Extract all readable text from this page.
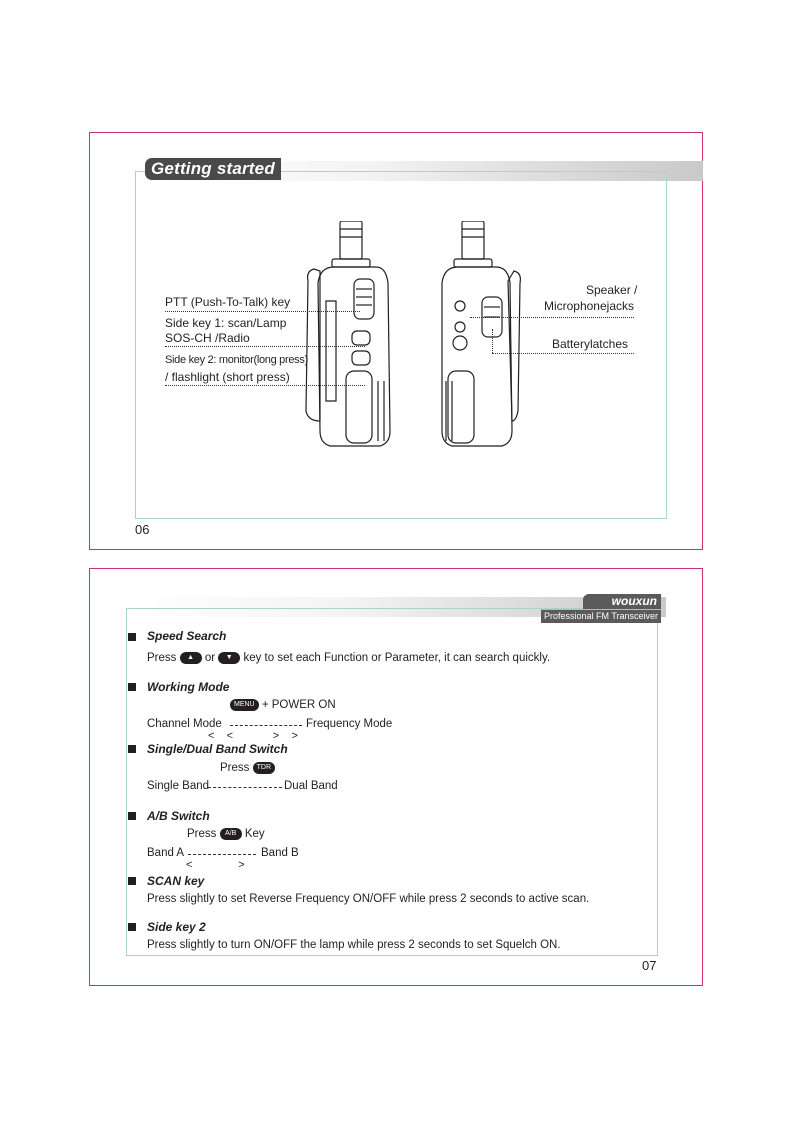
Getting started
PTT (Push-To-Talk) key
Side key 1: scan/Lamp
SOS-CH /Radio
Side key 2: monitor(long press)
/ flashlight (short press)
Speaker /
Microphonejacks
Batterylatches
06
wouxun
Professional FM Transceiver
Speed Search
Press ▲ or ▼ key to set each Function or Parameter, it can search quickly.
Working Mode
MENU + POWER ON
Channel Mode	Frequency Mode
<    <             >    >
Single/Dual Band Switch
Press TDR
Single Band	Dual Band
A/B Switch
Press A/B Key
Band A	Band B
<               >
SCAN key
Press slightly to set Reverse Frequency ON/OFF while press 2 seconds to active scan.
Side key 2
Press slightly to turn ON/OFF the lamp while press 2 seconds to set Squelch ON.
07
